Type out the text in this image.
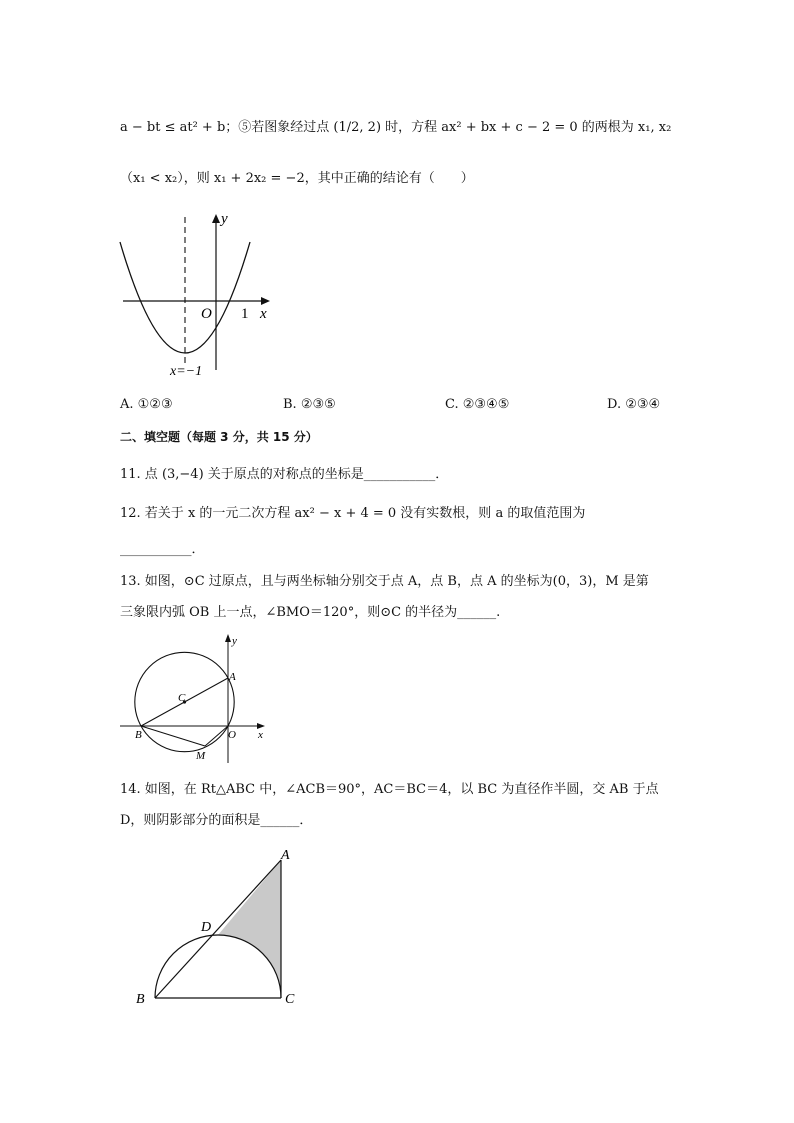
a − bt ≤ at² + b；⑤若图象经过点 (1/2, 2) 时，方程 ax² + bx + c − 2 = 0 的两根为 x₁, x₂
（x₁ < x₂），则 x₁ + 2x₂ = −2，其中正确的结论有（　　）
y
x
O 1
x=−1
A. ①②③	B. ②③⑤	C. ②③④⑤	D. ②③④
二、填空题（每题 3 分，共 15 分）
11. 点 (3,−4) 关于原点的对称点的坐标是___________．
12. 若关于 x 的一元二次方程 ax² − x + 4 = 0 没有实数根，则 a 的取值范围为
___________．
13. 如图，⊙C 过原点，且与两坐标轴分别交于点 A，点 B，点 A 的坐标为(0，3)，M 是第
三象限内弧 OB 上一点，∠BMO＝120°，则⊙C 的半径为______.
y
x
A
B
C
O
M
14. 如图，在 Rt△ABC 中，∠ACB＝90°，AC＝BC＝4，以 BC 为直径作半圆，交 AB 于点
D，则阴影部分的面积是______．
A
B	C
D
